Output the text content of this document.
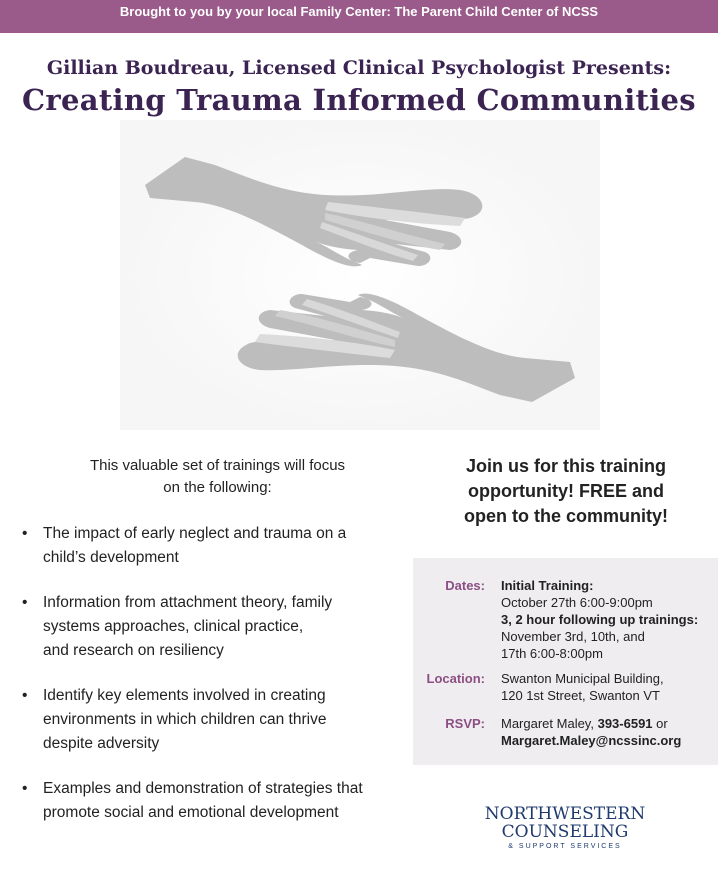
Brought to you by your local Family Center: The Parent Child Center of NCSS
Gillian Boudreau, Licensed Clinical Psychologist Presents:
Creating Trauma Informed Communities
This valuable set of trainings will focus
on the following:
• The impact of early neglect and trauma on a
child’s development
• Information from attachment theory, family
systems approaches, clinical practice,
and research on resiliency
• Identify key elements involved in creating
environments in which children can thrive
despite adversity
• Examples and demonstration of strategies that
promote social and emotional development
Join us for this training
opportunity! FREE and
open to the community!
Dates: Initial Training:
October 27th 6:00-9:00pm
3, 2 hour following up trainings:
November 3rd, 10th, and
17th 6:00-8:00pm
Location: Swanton Municipal Building,
120 1st Street, Swanton VT
RSVP: Margaret Maley, 393-6591 or
Margaret.Maley@ncssinc.org
NORTHWESTERN
COUNSELING
& SUPPORT SERVICES
